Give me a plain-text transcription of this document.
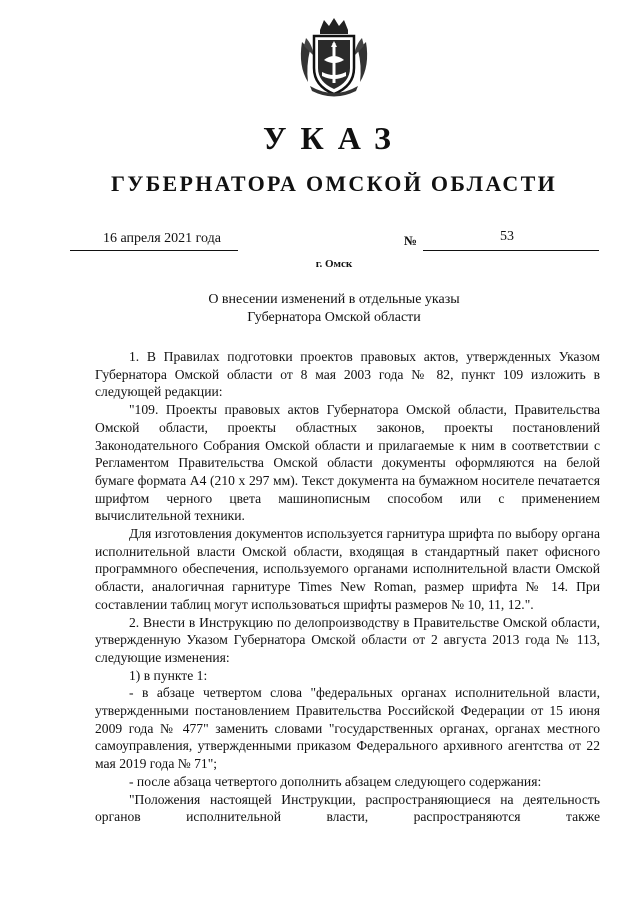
УКАЗ
ГУБЕРНАТОРА ОМСКОЙ ОБЛАСТИ
16 апреля 2021 года	№	53
г. Омск
О внесении изменений в отдельные указы
Губернатора Омской области

1. В Правилах подготовки проектов правовых актов, утвержденных Указом Губернатора Омской области от 8 мая 2003 года № 82, пункт 109 изложить в следующей редакции:

"109. Проекты правовых актов Губернатора Омской области, Правительства Омской области, проекты областных законов, проекты постановлений Законодательного Собрания Омской области и прилагаемые к ним в соответствии с Регламентом Правительства Омской области документы оформляются на белой бумаге формата А4 (210 х 297 мм). Текст документа на бумажном носителе печатается шрифтом черного цвета машинописным способом или с применением вычислительной техники.

Для изготовления документов используется гарнитура шрифта по выбору органа исполнительной власти Омской области, входящая в стандартный пакет офисного программного обеспечения, используемого органами исполнительной власти Омской области, аналогичная гарнитуре Times New Roman, размер шрифта № 14. При составлении таблиц могут использоваться шрифты размеров № 10, 11, 12.".

2. Внести в Инструкцию по делопроизводству в Правительстве Омской области, утвержденную Указом Губернатора Омской области от 2 августа 2013 года № 113, следующие изменения:

1) в пункте 1:

- в абзаце четвертом слова "федеральных органах исполнительной власти, утвержденными постановлением Правительства Российской Федерации от 15 июня 2009 года № 477" заменить словами "государственных органах, органах местного самоуправления, утвержденными приказом Федерального архивного агентства от 22 мая 2019 года № 71";

- после абзаца четвертого дополнить абзацем следующего содержания:

"Положения настоящей Инструкции, распространяющиеся на деятельность органов исполнительной власти, распространяются также
